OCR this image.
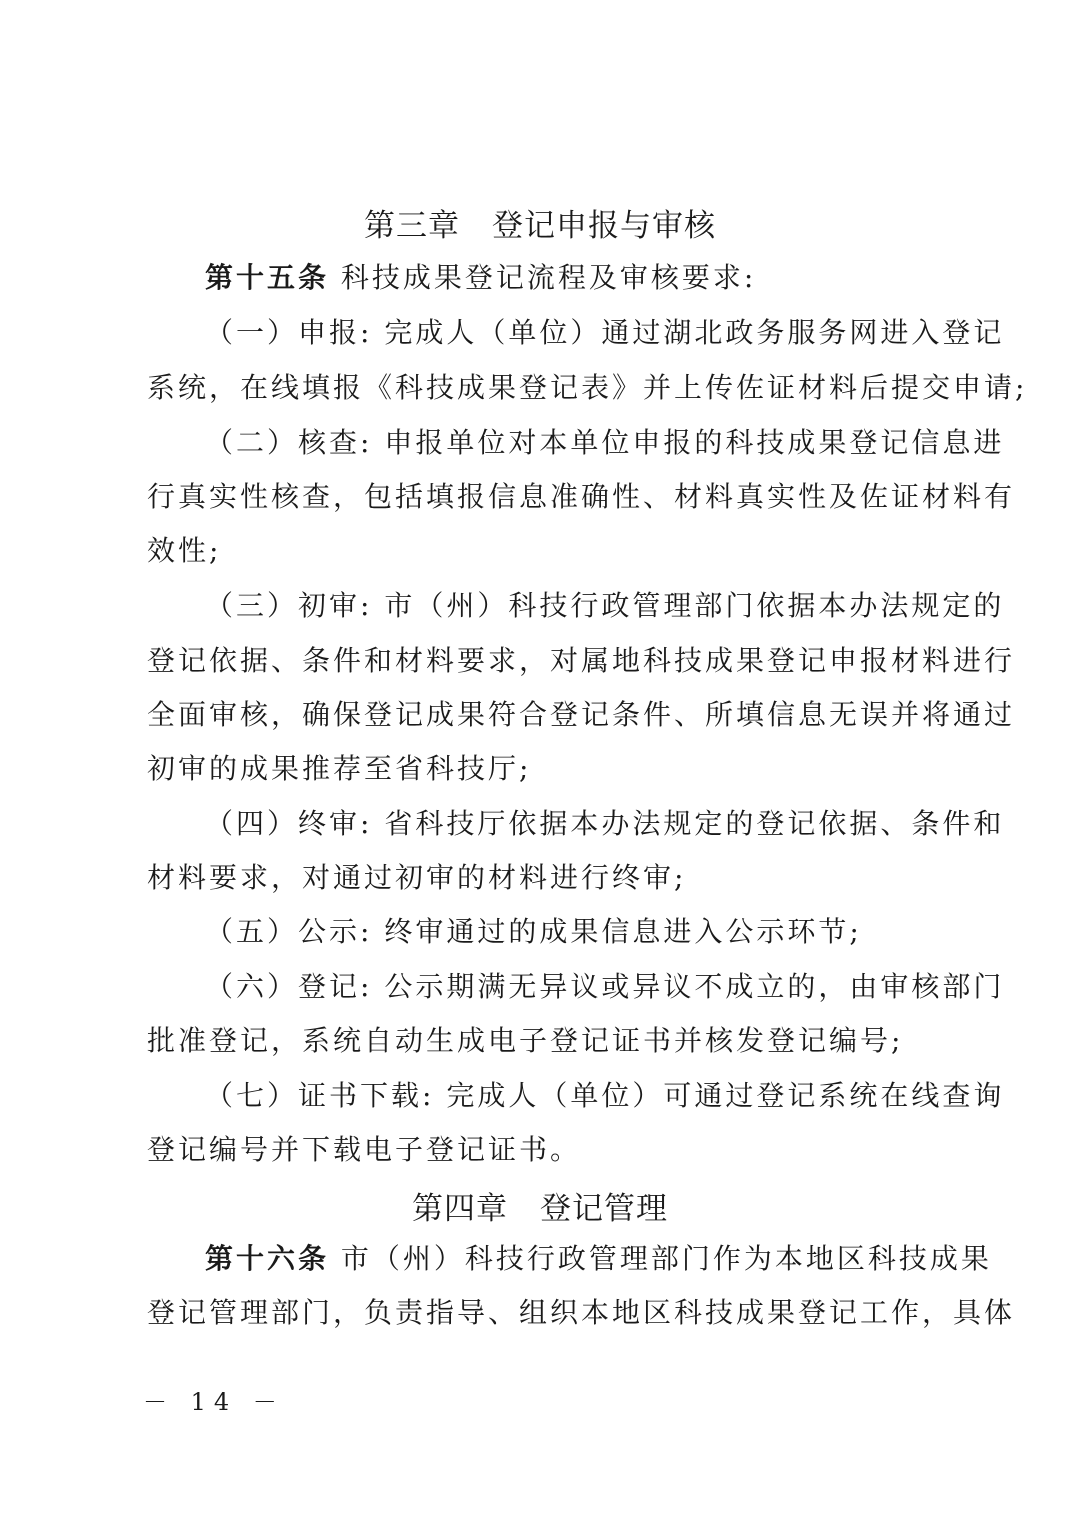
第三章　登记申报与审核
第十五条 科技成果登记流程及审核要求:
（一）申报: 完成人（单位）通过湖北政务服务网进入登记
系统，在线填报《科技成果登记表》并上传佐证材料后提交申请;
（二）核查: 申报单位对本单位申报的科技成果登记信息进
行真实性核查，包括填报信息准确性、材料真实性及佐证材料有
效性;
（三）初审: 市（州）科技行政管理部门依据本办法规定的
登记依据、条件和材料要求，对属地科技成果登记申报材料进行
全面审核，确保登记成果符合登记条件、所填信息无误并将通过
初审的成果推荐至省科技厅;
（四）终审: 省科技厅依据本办法规定的登记依据、条件和
材料要求，对通过初审的材料进行终审;
（五）公示: 终审通过的成果信息进入公示环节;
（六）登记: 公示期满无异议或异议不成立的，由审核部门
批准登记，系统自动生成电子登记证书并核发登记编号;
（七）证书下载: 完成人（单位）可通过登记系统在线查询
登记编号并下载电子登记证书。
第四章　登记管理
第十六条 市（州）科技行政管理部门作为本地区科技成果
登记管理部门，负责指导、组织本地区科技成果登记工作，具体
－ 14 －
